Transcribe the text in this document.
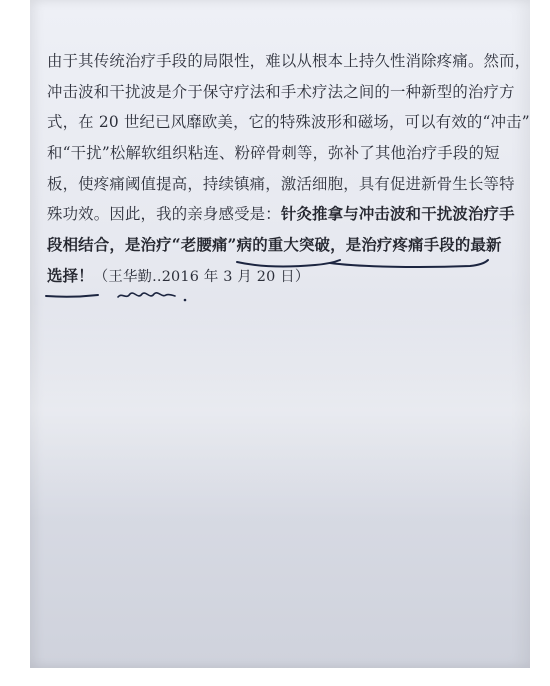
由于其传统治疗手段的局限性，难以从根本上持久性消除疼痛。然而，
冲击波和干扰波是介于保守疗法和手术疗法之间的一种新型的治疗方
式，在 20 世纪已风靡欧美，它的特殊波形和磁场，可以有效的“冲击”
和“干扰”松解软组织粘连、粉碎骨刺等，弥补了其他治疗手段的短
板，使疼痛阈值提高，持续镇痛，激活细胞，具有促进新骨生长等特
殊功效。因此，我的亲身感受是：针灸推拿与冲击波和干扰波治疗手
段相结合，是治疗“老腰痛”病的重大突破，是治疗疼痛手段的最新
选择！（王华勤..2016 年 3 月 20 日）
